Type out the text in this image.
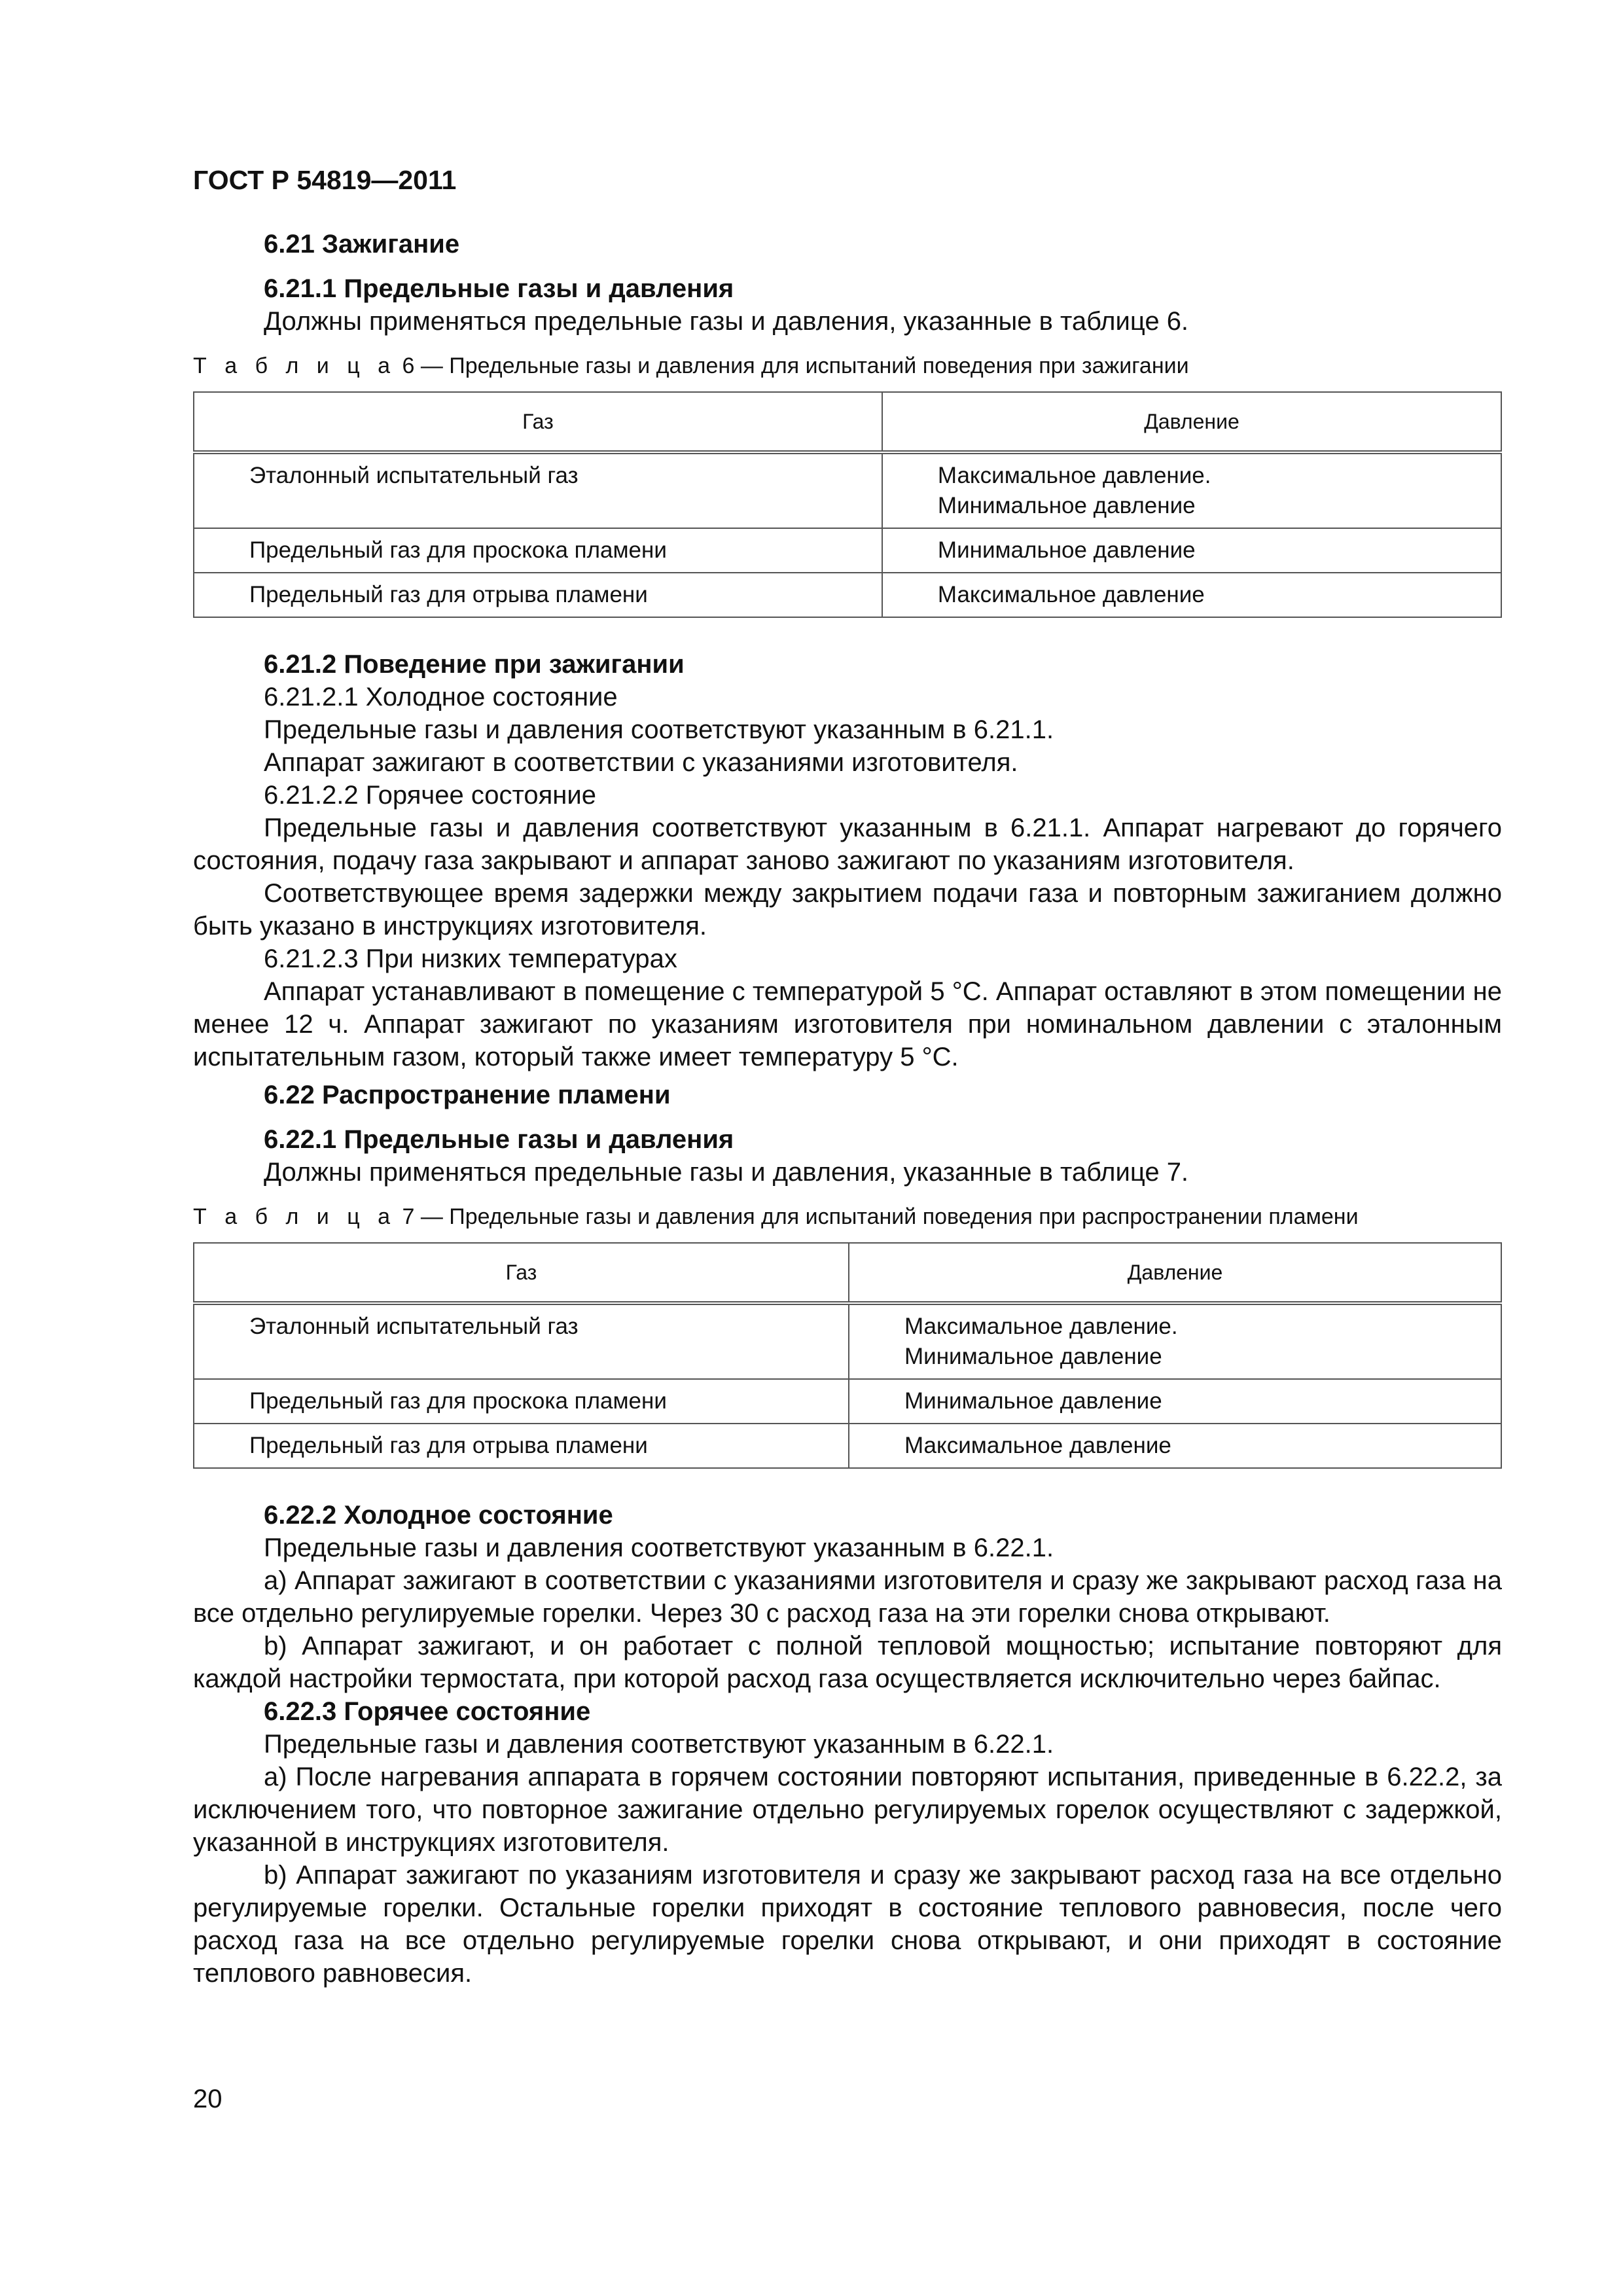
ГОСТ Р 54819—2011
6.21 Зажигание
6.21.1 Предельные газы и давления
Должны применяться предельные газы и давления, указанные в таблице 6.
Т а б л и ц а 6 — Предельные газы и давления для испытаний поведения при зажигании
Газ	Давление
Эталонный испытательный газ	Максимальное давление.
Минимальное давление

Предельный газ для проскока пламени	Минимальное давление
Предельный газ для отрыва пламени	Максимальное давление
6.21.2 Поведение при зажигании
6.21.2.1 Холодное состояние
Предельные газы и давления соответствуют указанным в 6.21.1.
Аппарат зажигают в соответствии с указаниями изготовителя.
6.21.2.2 Горячее состояние
Предельные газы и давления соответствуют указанным в 6.21.1. Аппарат нагревают до горячего состояния, подачу газа закрывают и аппарат заново зажигают по указаниям изготовителя.
Соответствующее время задержки между закрытием подачи газа и повторным зажиганием должно быть указано в инструкциях изготовителя.
6.21.2.3 При низких температурах
Аппарат устанавливают в помещение с температурой 5 °С. Аппарат оставляют в этом помещении не менее 12 ч. Аппарат зажигают по указаниям изготовителя при номинальном давлении с эталонным испытательным газом, который также имеет температуру 5 °С.
6.22 Распространение пламени
6.22.1 Предельные газы и давления
Должны применяться предельные газы и давления, указанные в таблице 7.
Т а б л и ц а 7 — Предельные газы и давления для испытаний поведения при распространении пламени
Газ	Давление
Эталонный испытательный газ	Максимальное давление.
Минимальное давление

Предельный газ для проскока пламени	Минимальное давление
Предельный газ для отрыва пламени	Максимальное давление
6.22.2 Холодное состояние
Предельные газы и давления соответствуют указанным в 6.22.1.
а) Аппарат зажигают в соответствии с указаниями изготовителя и сразу же закрывают расход газа на все отдельно регулируемые горелки. Через 30 с расход газа на эти горелки снова открывают.
b) Аппарат зажигают, и он работает с полной тепловой мощностью; испытание повторяют для каждой настройки термостата, при которой расход газа осуществляется исключительно через байпас.
6.22.3 Горячее состояние
Предельные газы и давления соответствуют указанным в 6.22.1.
а) После нагревания аппарата в горячем состоянии повторяют испытания, приведенные в 6.22.2, за исключением того, что повторное зажигание отдельно регулируемых горелок осуществляют с задержкой, указанной в инструкциях изготовителя.
b) Аппарат зажигают по указаниям изготовителя и сразу же закрывают расход газа на все отдельно регулируемые горелки. Остальные горелки приходят в состояние теплового равновесия, после чего расход газа на все отдельно регулируемые горелки снова открывают, и они приходят в состояние теплового равновесия.
20
